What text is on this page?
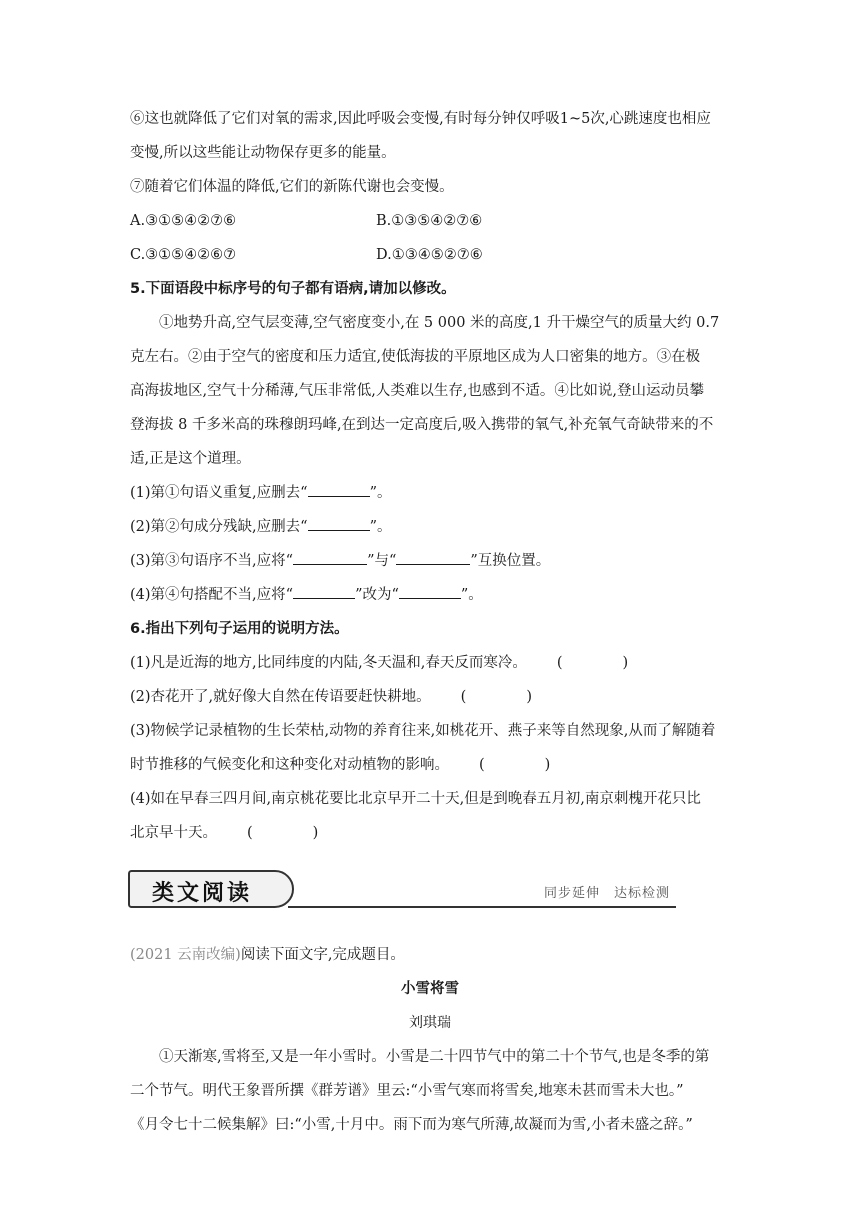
⑥这也就降低了它们对氧的需求,因此呼吸会变慢,有时每分钟仅呼吸1~5次,心跳速度也相应

变慢,所以这些能让动物保存更多的能量。

⑦随着它们体温的降低,它们的新陈代谢也会变慢。

A.③①⑤④②⑦⑥	B.①③⑤④②⑦⑥
C.③①⑤④②⑥⑦	D.①③④⑤②⑦⑥

5.下面语段中标序号的句子都有语病,请加以修改。

①地势升高,空气层变薄,空气密度变小,在 5 000 米的高度,1 升干燥空气的质量大约 0.7

克左右。②由于空气的密度和压力适宜,使低海拔的平原地区成为人口密集的地方。③在极

高海拔地区,空气十分稀薄,气压非常低,人类难以生存,也感到不适。④比如说,登山运动员攀

登海拔 8 千多米高的珠穆朗玛峰,在到达一定高度后,吸入携带的氧气,补充氧气奇缺带来的不

适,正是这个道理。

(1)第①句语义重复,应删去“	”。

(2)第②句成分残缺,应删去“	”。

(3)第③句语序不当,应将“	”与“	”互换位置。

(4)第④句搭配不当,应将“	”改为“	”。

6.指出下列句子运用的说明方法。

(1)凡是近海的地方,比同纬度的内陆,冬天温和,春天反而寒冷。 (	)

(2)杏花开了,就好像大自然在传语要赶快耕地。 (	)

(3)物候学记录植物的生长荣枯,动物的养育往来,如桃花开、燕子来等自然现象,从而了解随着

时节推移的气候变化和这种变化对动植物的影响。 (	)

(4)如在早春三四月间,南京桃花要比北京早开二十天,但是到晚春五月初,南京刺槐开花只比

北京早十天。 (	)

类文阅读	同步延伸 达标检测

(2021 云南改编)阅读下面文字,完成题目。

小雪将雪

刘琪瑞

①天渐寒,雪将至,又是一年小雪时。小雪是二十四节气中的第二十个节气,也是冬季的第

二个节气。明代王象晋所撰《群芳谱》里云:“小雪气寒而将雪矣,地寒未甚而雪未大也。”

《月令七十二候集解》曰:“小雪,十月中。雨下而为寒气所薄,故凝而为雪,小者未盛之辞。”
